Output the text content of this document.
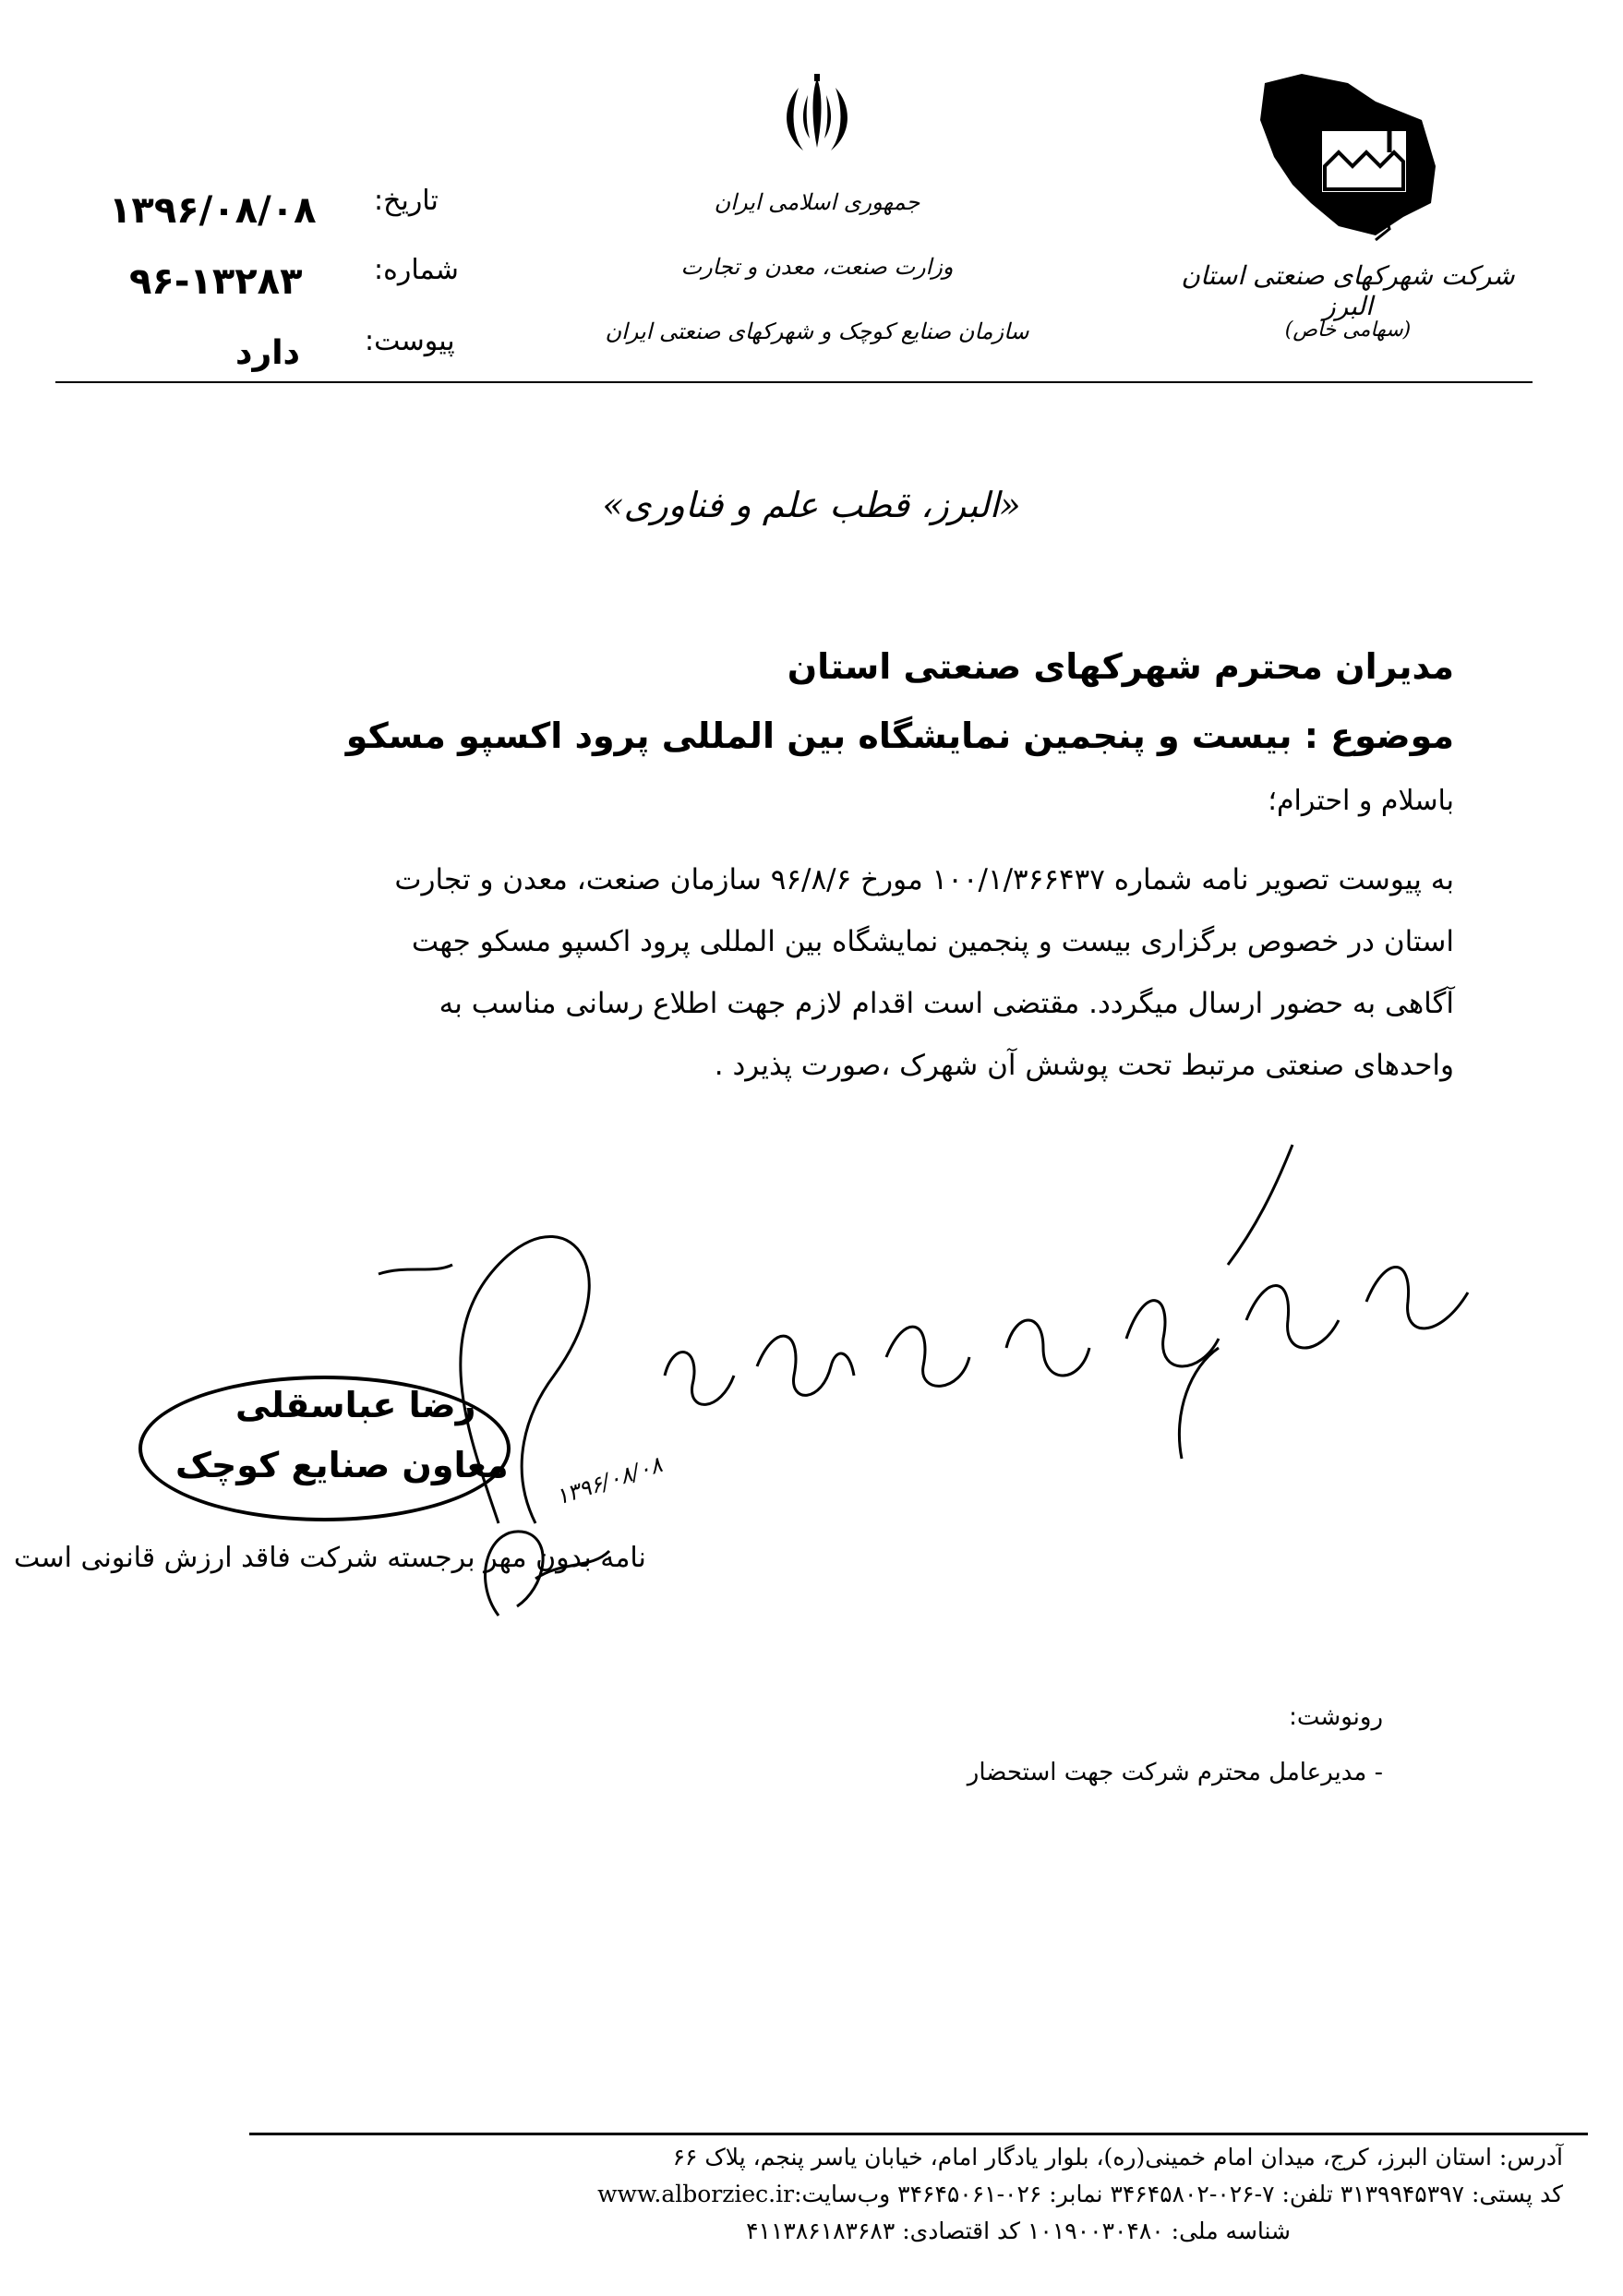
شرکت شهرکهای صنعتی استان البرز
(سهامی خاص)
جمهوری اسلامی ایران
وزارت صنعت، معدن و تجارت
سازمان صنایع کوچک و شهرکهای صنعتی ایران
تاریخ:
۱۳۹۶/۰۸/۰۸
شماره:
۹۶-۱۳۲۸۳
پیوست:
دارد
«البرز، قطب علم و فناوری»
مدیران محترم شهرکهای صنعتی استان
موضوع : بیست و پنجمین نمایشگاه بین المللی پرود اکسپو مسکو
باسلام و احترام؛
به پیوست تصویر نامه شماره ۱۰۰/۱/۳۶۶۴۳۷ مورخ ۹۶/۸/۶ سازمان صنعت، معدن و تجارت
استان در خصوص برگزاری بیست و پنجمین نمایشگاه بین المللی پرود اکسپو مسکو جهت
آگاهی به حضور ارسال میگردد. مقتضی است اقدام لازم جهت اطلاع رسانی مناسب به
واحدهای صنعتی مرتبط تحت پوشش آن شهرک ،صورت پذیرد .
۱۳۹۶/۰۸/۰۸
رضا عباسقلی
معاون صنایع کوچک
نامه بدون مهر برجسته شرکت فاقد ارزش قانونی است
رونوشت:
- مدیرعامل محترم شرکت جهت استحضار
آدرس: استان البرز، کرج، میدان امام خمینی(ره)، بلوار یادگار امام، خیابان یاسر پنجم، پلاک ۶۶
کد پستی: ۳۱۳۹۹۴۵۳۹۷ تلفن: ۷-۰۲۶-۳۴۶۴۵۸۰۲ نمابر: ۰۲۶-۳۴۶۴۵۰۶۱ وب‌سایت:www.alborziec.ir
شناسه ملی: ۱۰۱۹۰۰۳۰۴۸۰ کد اقتصادی: ۴۱۱۳۸۶۱۸۳۶۸۳
